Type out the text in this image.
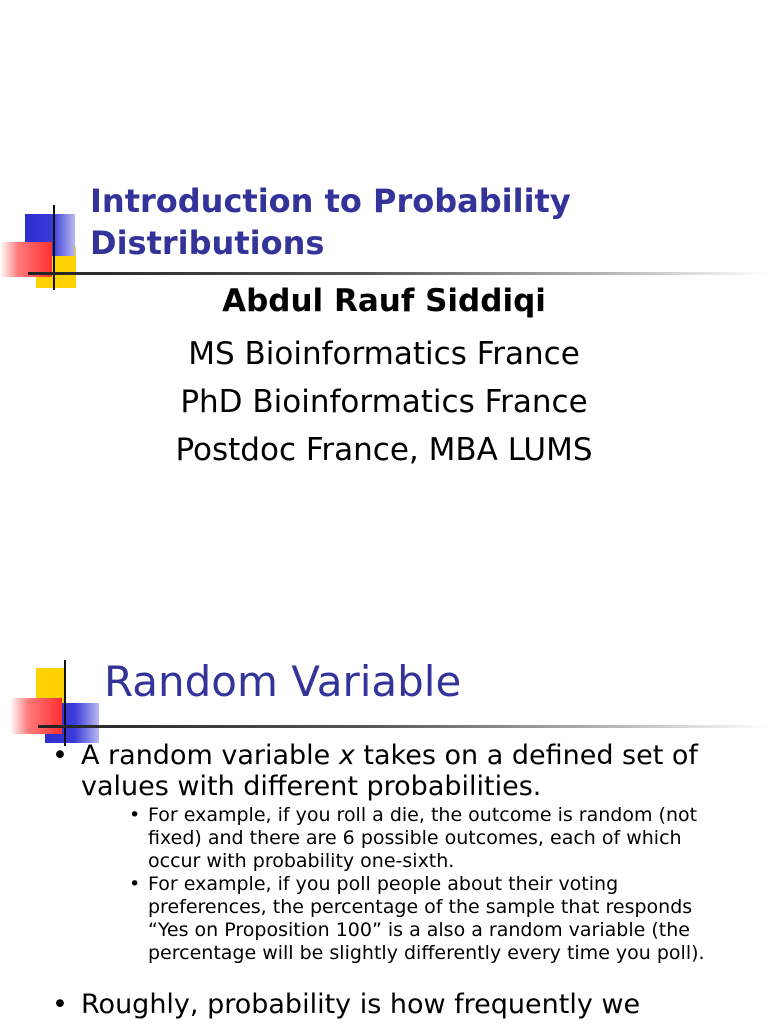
Introduction to Probability Distributions

Abdul Rauf Siddiqi

MS Bioinformatics France

PhD Bioinformatics France

Postdoc France, MBA LUMS

Random Variable
• A random variable x takes on a defined set of values with different probabilities.
• For example, if you roll a die, the outcome is random (not fixed) and there are 6 possible outcomes, each of which occur with probability one-sixth.
• For example, if you poll people about their voting preferences, the percentage of the sample that responds “Yes on Proposition 100” is a also a random variable (the percentage will be slightly differently every time you poll).
• Roughly, probability is how frequently we
